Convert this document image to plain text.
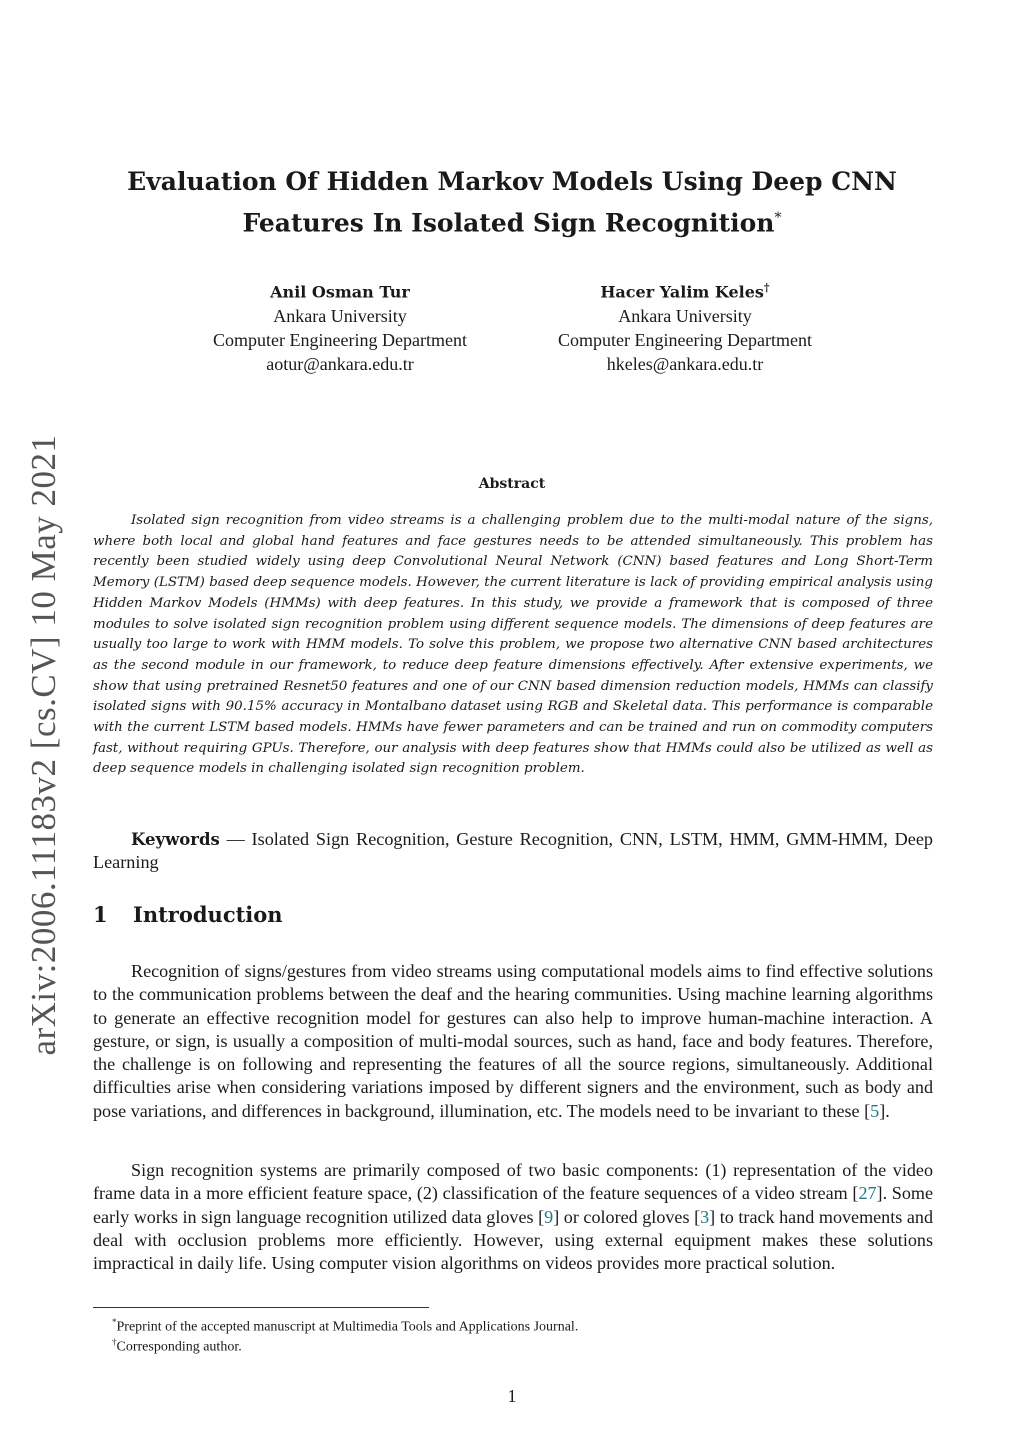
arXiv:2006.11183v2 [cs.CV] 10 May 2021
Evaluation Of Hidden Markov Models Using Deep CNN
Features In Isolated Sign Recognition*
Anil Osman Tur
Ankara University
Computer Engineering Department
aotur@ankara.edu.tr
Hacer Yalim Keles†
Ankara University
Computer Engineering Department
hkeles@ankara.edu.tr
Abstract

Isolated sign recognition from video streams is a challenging problem due to the multi-modal nature of the signs, where both local and global hand features and face gestures needs to be attended simultaneously. This problem has recently been studied widely using deep Convolutional Neural Network (CNN) based features and Long Short-Term Memory (LSTM) based deep sequence models. However, the current literature is lack of providing empirical analysis using Hidden Markov Models (HMMs) with deep features. In this study, we provide a framework that is composed of three modules to solve isolated sign recognition problem using different sequence models. The dimensions of deep features are usually too large to work with HMM models. To solve this problem, we propose two alternative CNN based architectures as the second module in our framework, to reduce deep feature dimensions effectively. After extensive experiments, we show that using pretrained Resnet50 features and one of our CNN based dimension reduction models, HMMs can classify isolated signs with 90.15% accuracy in Montalbano dataset using RGB and Skeletal data. This performance is comparable with the current LSTM based models. HMMs have fewer parameters and can be trained and run on commodity computers fast, without requiring GPUs. Therefore, our analysis with deep features show that HMMs could also be utilized as well as deep sequence models in challenging isolated sign recognition problem.

Keywords — Isolated Sign Recognition, Gesture Recognition, CNN, LSTM, HMM, GMM-HMM, Deep Learning

1 Introduction

Recognition of signs/gestures from video streams using computational models aims to find effective solutions to the communication problems between the deaf and the hearing communities. Using machine learning algorithms to generate an effective recognition model for gestures can also help to improve human-machine interaction. A gesture, or sign, is usually a composition of multi-modal sources, such as hand, face and body features. Therefore, the challenge is on following and representing the features of all the source regions, simultaneously. Additional difficulties arise when considering variations imposed by different signers and the environment, such as body and pose variations, and differences in background, illumination, etc. The models need to be invariant to these [5].

Sign recognition systems are primarily composed of two basic components: (1) representation of the video frame data in a more efficient feature space, (2) classification of the feature sequences of a video stream [27]. Some early works in sign language recognition utilized data gloves [9] or colored gloves [3] to track hand movements and deal with occlusion problems more efficiently. However, using external equipment makes these solutions impractical in daily life. Using computer vision algorithms on videos provides more practical solution.

*Preprint of the accepted manuscript at Multimedia Tools and Applications Journal.

†Corresponding author.

1
